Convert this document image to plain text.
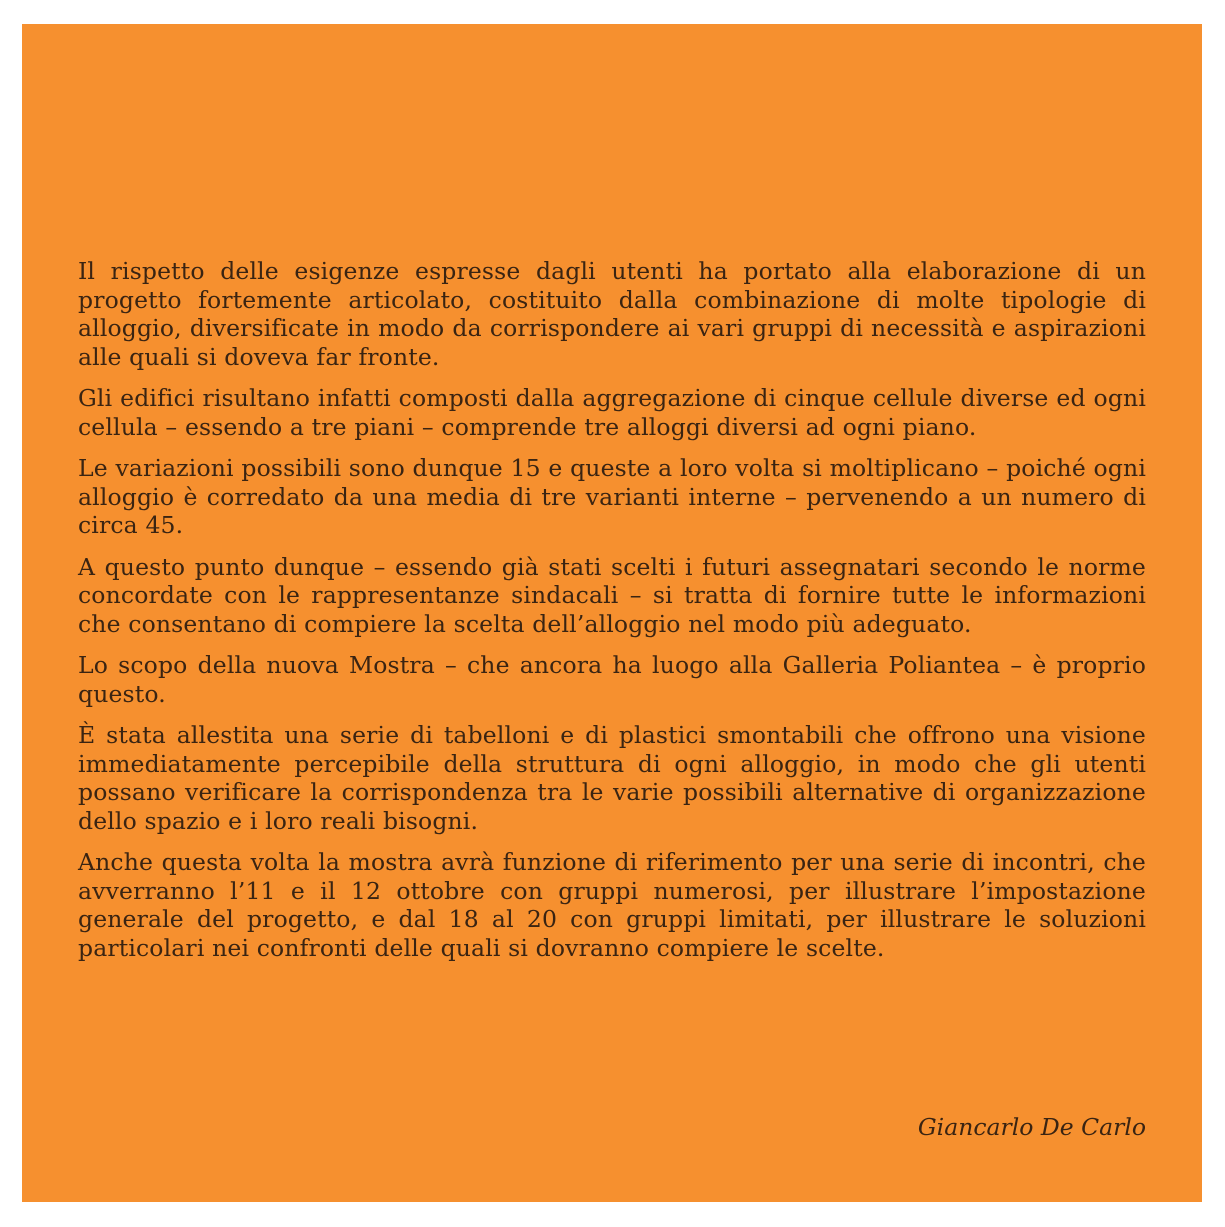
Il rispetto delle esigenze espresse dagli utenti ha portato alla elaborazione di un progetto fortemente articolato, costituito dalla combinazione di molte tipologie di alloggio, diversificate in modo da corrispondere ai vari gruppi di necessità e aspirazioni alle quali si doveva far fronte.

Gli edifici risultano infatti composti dalla aggregazione di cinque cellule diverse ed ogni cellula – essendo a tre piani – comprende tre alloggi diversi ad ogni piano.

Le variazioni possibili sono dunque 15 e queste a loro volta si moltiplicano – poiché ogni alloggio è corredato da una media di tre varianti interne – pervenendo a un numero di circa 45.

A questo punto dunque – essendo già stati scelti i futuri assegnatari secondo le norme concordate con le rappresentanze sindacali – si tratta di fornire tutte le informazioni che consentano di compiere la scelta dell’alloggio nel modo più adeguato.

Lo scopo della nuova Mostra – che ancora ha luogo alla Galleria Poliantea – è proprio questo.

È stata allestita una serie di tabelloni e di plastici smontabili che offrono una visione immediatamente percepibile della struttura di ogni alloggio, in modo che gli utenti possano verificare la corrispondenza tra le varie possibili alternative di organizzazione dello spazio e i loro reali bisogni.

Anche questa volta la mostra avrà funzione di riferimento per una serie di incontri, che avverranno l’11 e il 12 ottobre con gruppi numerosi, per illustrare l’impostazione generale del progetto, e dal 18 al 20 con gruppi limitati, per illustrare le soluzioni particolari nei confronti delle quali si dovranno compiere le scelte.

Giancarlo De Carlo
